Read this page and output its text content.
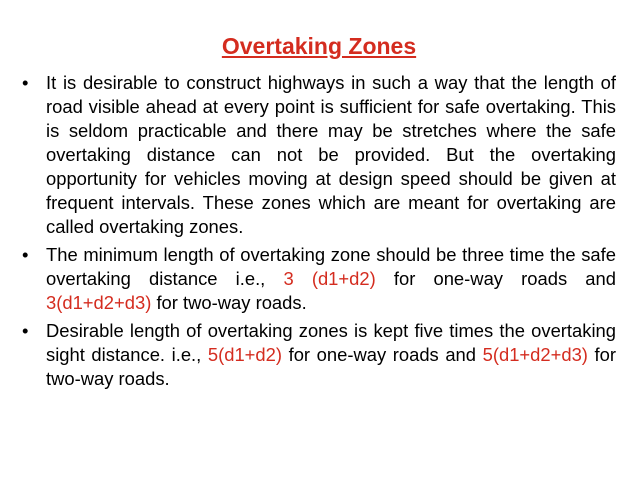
Overtaking Zones
• It is desirable to construct highways in such a way that the length of road visible ahead at every point is sufficient for safe overtaking. This is seldom practicable and there may be stretches where the safe overtaking distance can not be provided. But the overtaking opportunity for vehicles moving at design speed should be given at frequent intervals. These zones which are meant for overtaking are called overtaking zones.
• The minimum length of overtaking zone should be three time the safe overtaking distance i.e., 3 (d1+d2) for one-way roads and 3(d1+d2+d3) for two-way roads.
• Desirable length of overtaking zones is kept five times the overtaking sight distance. i.e., 5(d1+d2) for one-way roads and 5(d1+d2+d3) for two-way roads.
